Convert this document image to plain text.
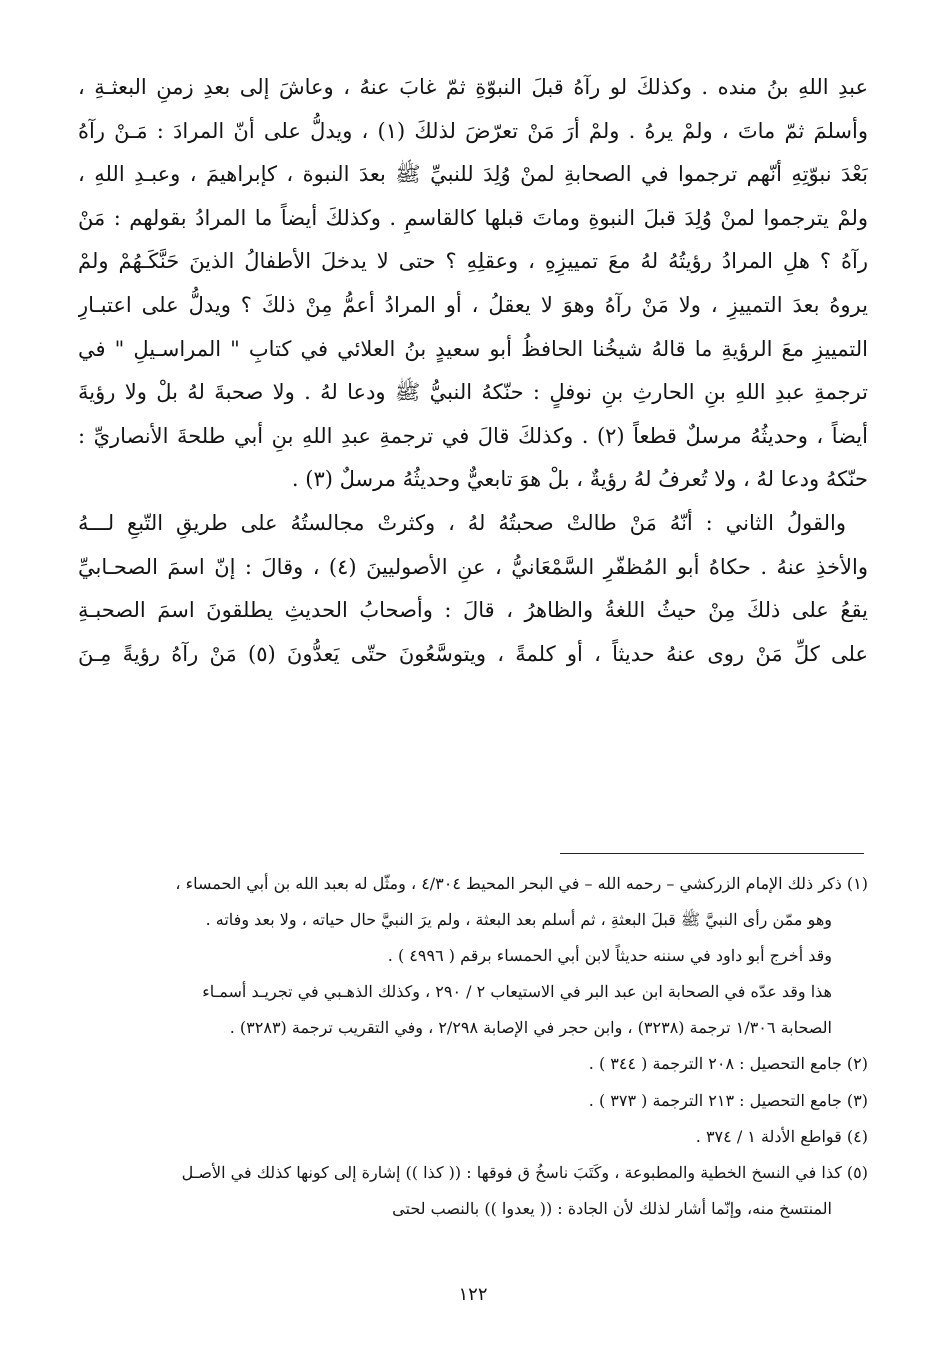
عبدِ اللهِ بنُ منده . وكذلكَ لو رآهُ قبلَ النبوّةِ ثمّ غابَ عنهُ ، وعاشَ إلى بعدِ زمنِ البعثـةِ ،
وأسلمَ ثمّ ماتَ ، ولمْ يرهُ . ولمْ أرَ مَنْ تعرّضَ لذلكَ (١) ، ويدلُّ على أنّ المرادَ : مَـنْ رآهُ
بَعْدَ نبوّتِهِ أنّهم ترجموا في الصحابةِ لمنْ وُلِدَ للنبيِّ ﷺ بعدَ النبوة ، كإبراهيمَ ، وعبـدِ اللهِ ،
ولمْ يترجموا لمنْ وُلِدَ قبلَ النبوةِ وماتَ قبلها كالقاسمِ . وكذلكَ أيضاً ما المرادُ بقولهم : مَنْ
رآهُ ؟ هلِ المرادُ رؤيتُهُ لهُ معَ تمييزِهِ ، وعقلِهِ ؟ حتى لا يدخلَ الأطفالُ الذينَ حَنَّكَـهُمْ ولمْ
يروهُ بعدَ التمييزِ ، ولا مَنْ رآهُ وهوَ لا يعقلُ ، أو المرادُ أعمُّ مِنْ ذلكَ ؟ ويدلُّ على اعتبـارِ
التمييزِ معَ الرؤيةِ ما قالهُ شيخُنا الحافظُ أبو سعيدٍ بنُ العلائي في كتابِ " المراسـيلِ " في
ترجمةِ عبدِ اللهِ بنِ الحارثِ بنِ نوفلٍ : حنّكهُ النبيُّ ﷺ ودعا لهُ . ولا صحبةَ لهُ بلْ ولا رؤيةَ
أيضاً ، وحديثُهُ مرسلٌ قطعاً (٢) . وكذلكَ قالَ في ترجمةِ عبدِ اللهِ بنِ أبي طلحةَ الأنصاريِّ :
حنّكهُ ودعا لهُ ، ولا تُعرفُ لهُ رؤيةٌ ، بلْ هوَ تابعيٌّ وحديثُهُ مرسلٌ (٣) .
والقولُ الثاني : أنّهُ مَنْ طالتْ صحبتُهُ لهُ ، وكثرتْ مجالستُهُ على طريقِ التّبعِ لـــهُ
والأخذِ عنهُ . حكاهُ أبو المُظفّرِ السَّمْعَانيُّ ، عنِ الأصوليينَ (٤) ، وقالَ : إنّ اسمَ الصحـابيِّ
يقعُ على ذلكَ مِنْ حيثُ اللغةُ والظاهرُ ، قالَ : وأصحابُ الحديثِ يطلقونَ اسمَ الصحبـةِ
على كلِّ مَنْ روى عنهُ حديثاً ، أو كلمةً ، ويتوسَّعُونَ حتّى يَعدُّونَ (٥) مَنْ رآهُ رؤيةً مِـنَ
(١) ذكر ذلك الإمام الزركشي – رحمه الله – في البحر المحيط ٤/٣٠٤ ، ومثّل له بعبد الله بن أبي الحمساء ،
وهو ممّن رأى النبيَّ ﷺ قبلَ البعثةِ ، ثم أسلم بعد البعثة ، ولم يرَ النبيَّ حال حياته ، ولا بعد وفاته .
وقد أخرج أبو داود في سننه حديثاً لابن أبي الحمساء برقم ( ٤٩٩٦ ) .
هذا وقد عدّه في الصحابة ابن عبد البر في الاستيعاب ٢ / ٢٩٠ ، وكذلك الذهـبي في تجريـد أسمـاء
الصحابة ١/٣٠٦ ترجمة (٣٢٣٨) ، وابن حجر في الإصابة ٢/٢٩٨ ، وفي التقريب ترجمة (٣٢٨٣) .
(٢) جامع التحصيل : ٢٠٨ الترجمة ( ٣٤٤ ) .
(٣) جامع التحصيل : ٢١٣ الترجمة ( ٣٧٣ ) .
(٤) قواطع الأدلة ١ / ٣٧٤ .
(٥) كذا في النسخ الخطية والمطبوعة ، وكَتَبَ ناسخُ ق فوقها : (( كذا )) إشارة إلى كونها كذلك في الأصـل
المنتسخ منه، وإنّما أشار لذلك لأن الجادة : (( يعدوا )) بالنصب لحتى
١٢٢
